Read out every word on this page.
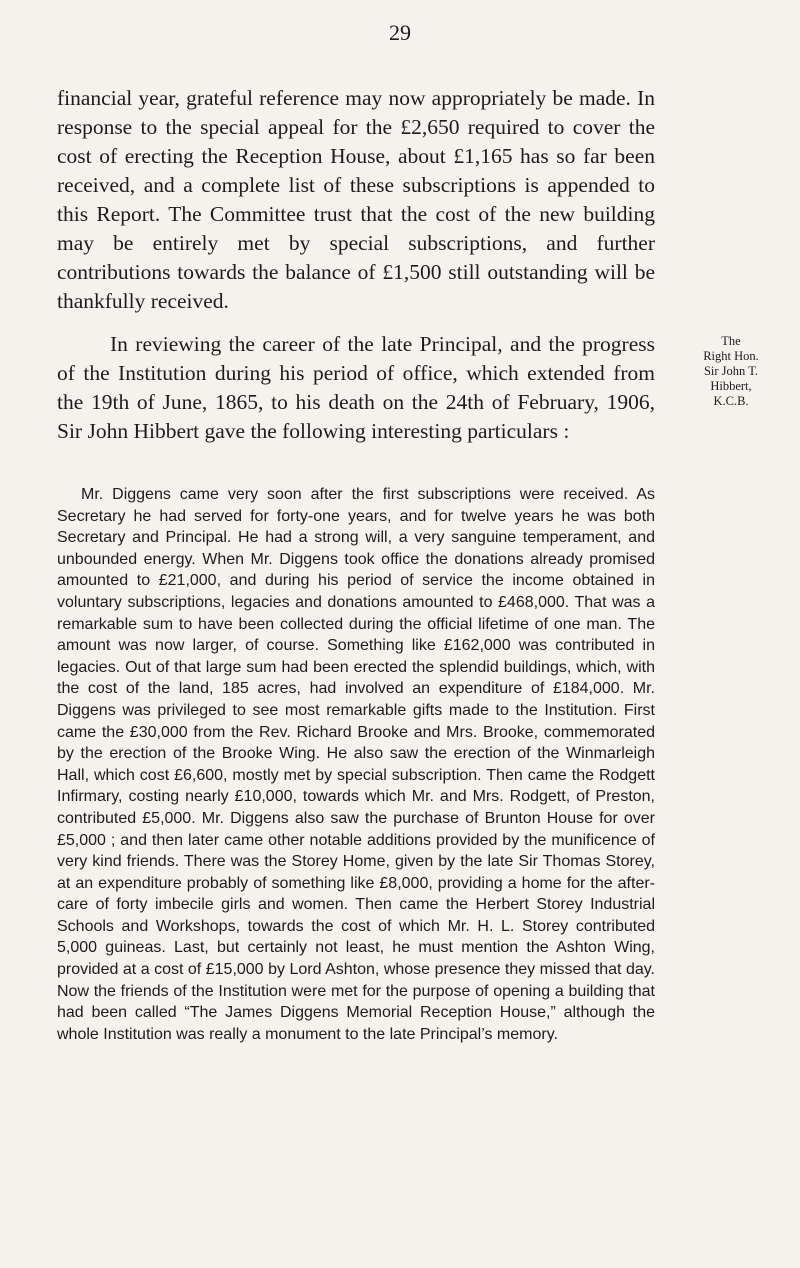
29

financial year, grateful reference may now appropriately be made. In response to the special appeal for the £2,650 required to cover the cost of erecting the Reception House, about £1,165 has so far been received, and a complete list of these subscriptions is appended to this Report. The Committee trust that the cost of the new building may be entirely met by special subscriptions, and further contributions towards the balance of £1,500 still outstanding will be thankfully received.

In reviewing the career of the late Principal, and the progress of the Institution during his period of office, which extended from the 19th of June, 1865, to his death on the 24th of February, 1906, Sir John Hibbert gave the following interesting particulars :

The
Right Hon.
Sir John T.
Hibbert,
K.C.B.

Mr. Diggens came very soon after the first subscriptions were received. As Secretary he had served for forty-one years, and for twelve years he was both Secretary and Principal. He had a strong will, a very sanguine temperament, and unbounded energy. When Mr. Diggens took office the donations already promised amounted to £21,000, and during his period of service the income obtained in voluntary subscriptions, legacies and donations amounted to £468,000. That was a remarkable sum to have been collected during the official lifetime of one man. The amount was now larger, of course. Something like £162,000 was contributed in legacies. Out of that large sum had been erected the splendid buildings, which, with the cost of the land, 185 acres, had involved an expenditure of £184,000. Mr. Diggens was privileged to see most remarkable gifts made to the Institution. First came the £30,000 from the Rev. Richard Brooke and Mrs. Brooke, commemorated by the erection of the Brooke Wing. He also saw the erection of the Winmarleigh Hall, which cost £6,600, mostly met by special subscription. Then came the Rodgett Infirmary, costing nearly £10,000, towards which Mr. and Mrs. Rodgett, of Preston, contributed £5,000. Mr. Diggens also saw the purchase of Brunton House for over £5,000 ; and then later came other notable additions provided by the munificence of very kind friends. There was the Storey Home, given by the late Sir Thomas Storey, at an expenditure probably of something like £8,000, providing a home for the after-care of forty imbecile girls and women. Then came the Herbert Storey Industrial Schools and Workshops, towards the cost of which Mr. H. L. Storey contributed 5,000 guineas. Last, but certainly not least, he must mention the Ashton Wing, provided at a cost of £15,000 by Lord Ashton, whose presence they missed that day. Now the friends of the Institution were met for the purpose of opening a building that had been called “The James Diggens Memorial Reception House,” although the whole Institution was really a monument to the late Principal’s memory.
